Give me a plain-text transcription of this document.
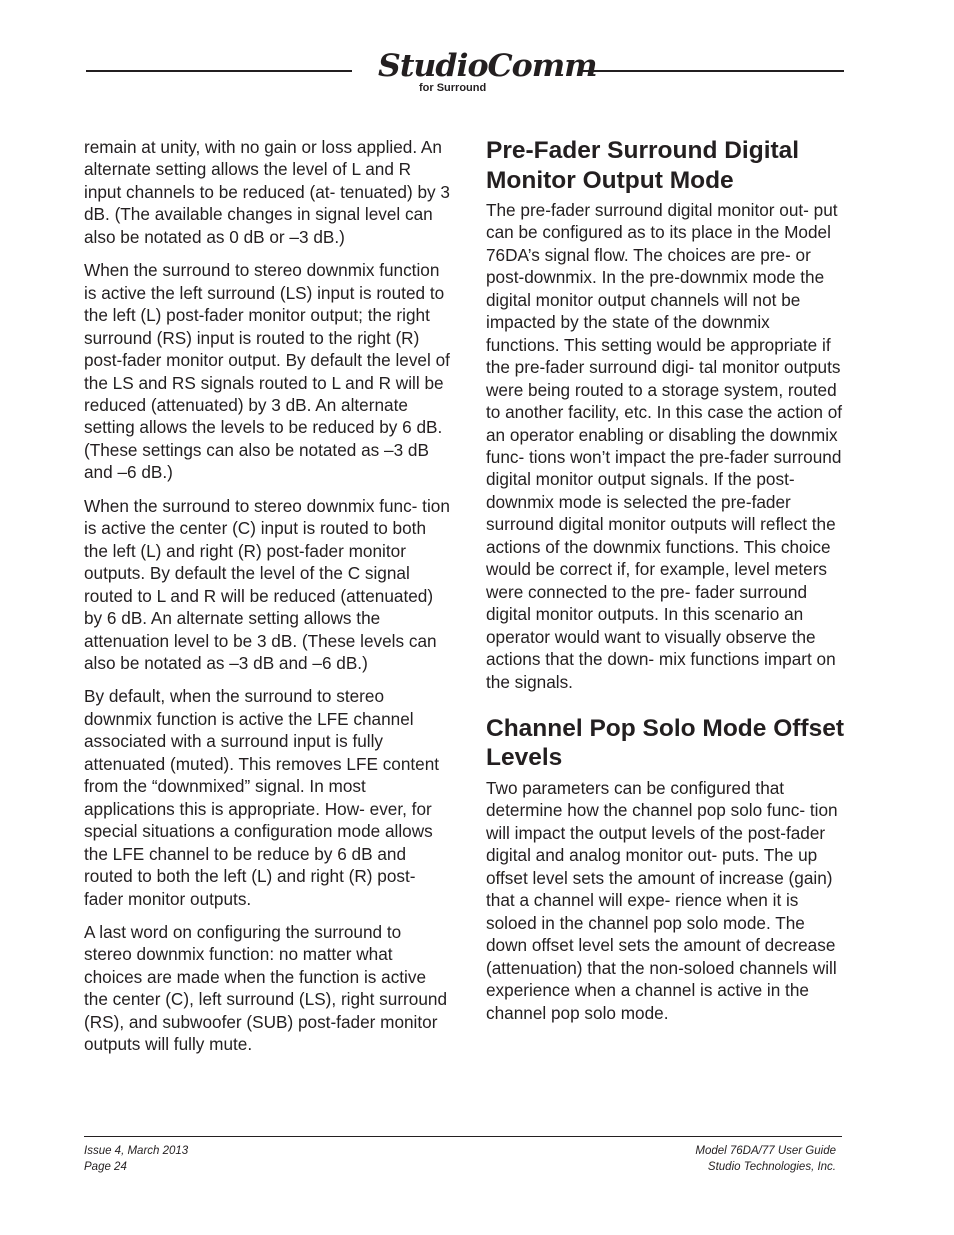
StudioComm
for Surround

remain at unity, with no gain or loss applied. An alternate setting allows the level of L and R input channels to be reduced (at- tenuated) by 3 dB. (The available changes in signal level can also be notated as 0 dB or –3 dB.)

When the surround to stereo downmix function is active the left surround (LS) input is routed to the left (L) post-fader monitor output; the right surround (RS) input is routed to the right (R) post-fader monitor output. By default the level of the LS and RS signals routed to L and R will be reduced (attenuated) by 3 dB. An alternate setting allows the levels to be reduced by 6 dB. (These settings can also be notated as –3 dB and –6 dB.)

When the surround to stereo downmix func- tion is active the center (C) input is routed to both the left (L) and right (R) post-fader monitor outputs. By default the level of the C signal routed to L and R will be reduced (attenuated) by 6 dB. An alternate setting allows the attenuation level to be 3 dB. (These levels can also be notated as –3 dB and –6 dB.)

By default, when the surround to stereo downmix function is active the LFE channel associated with a surround input is fully attenuated (muted). This removes LFE content from the “downmixed” signal. In most applications this is appropriate. How- ever, for special situations a configuration mode allows the LFE channel to be reduce by 6 dB and routed to both the left (L) and right (R) post-fader monitor outputs.

A last word on configuring the surround to stereo downmix function: no matter what choices are made when the function is active the center (C), left surround (LS), right surround (RS), and subwoofer (SUB) post-fader monitor outputs will fully mute.

Pre-Fader Surround Digital Monitor Output Mode

The pre-fader surround digital monitor out- put can be configured as to its place in the Model 76DA’s signal flow. The choices are pre- or post-downmix. In the pre-downmix mode the digital monitor output channels will not be impacted by the state of the downmix functions. This setting would be appropriate if the pre-fader surround digi- tal monitor outputs were being routed to a storage system, routed to another facility, etc. In this case the action of an operator enabling or disabling the downmix func- tions won’t impact the pre-fader surround digital monitor output signals. If the post- downmix mode is selected the pre-fader surround digital monitor outputs will reflect the actions of the downmix functions. This choice would be correct if, for example, level meters were connected to the pre- fader surround digital monitor outputs. In this scenario an operator would want to visually observe the actions that the down- mix functions impart on the signals.

Channel Pop Solo Mode Offset Levels

Two parameters can be configured that determine how the channel pop solo func- tion will impact the output levels of the post-fader digital and analog monitor out- puts. The up offset level sets the amount of increase (gain) that a channel will expe- rience when it is soloed in the channel pop solo mode. The down offset level sets the amount of decrease (attenuation) that the non-soloed channels will experience when a channel is active in the channel pop solo mode.

Issue 4, March 2013
Page 24
Model 76DA/77 User Guide
Studio Technologies, Inc.
